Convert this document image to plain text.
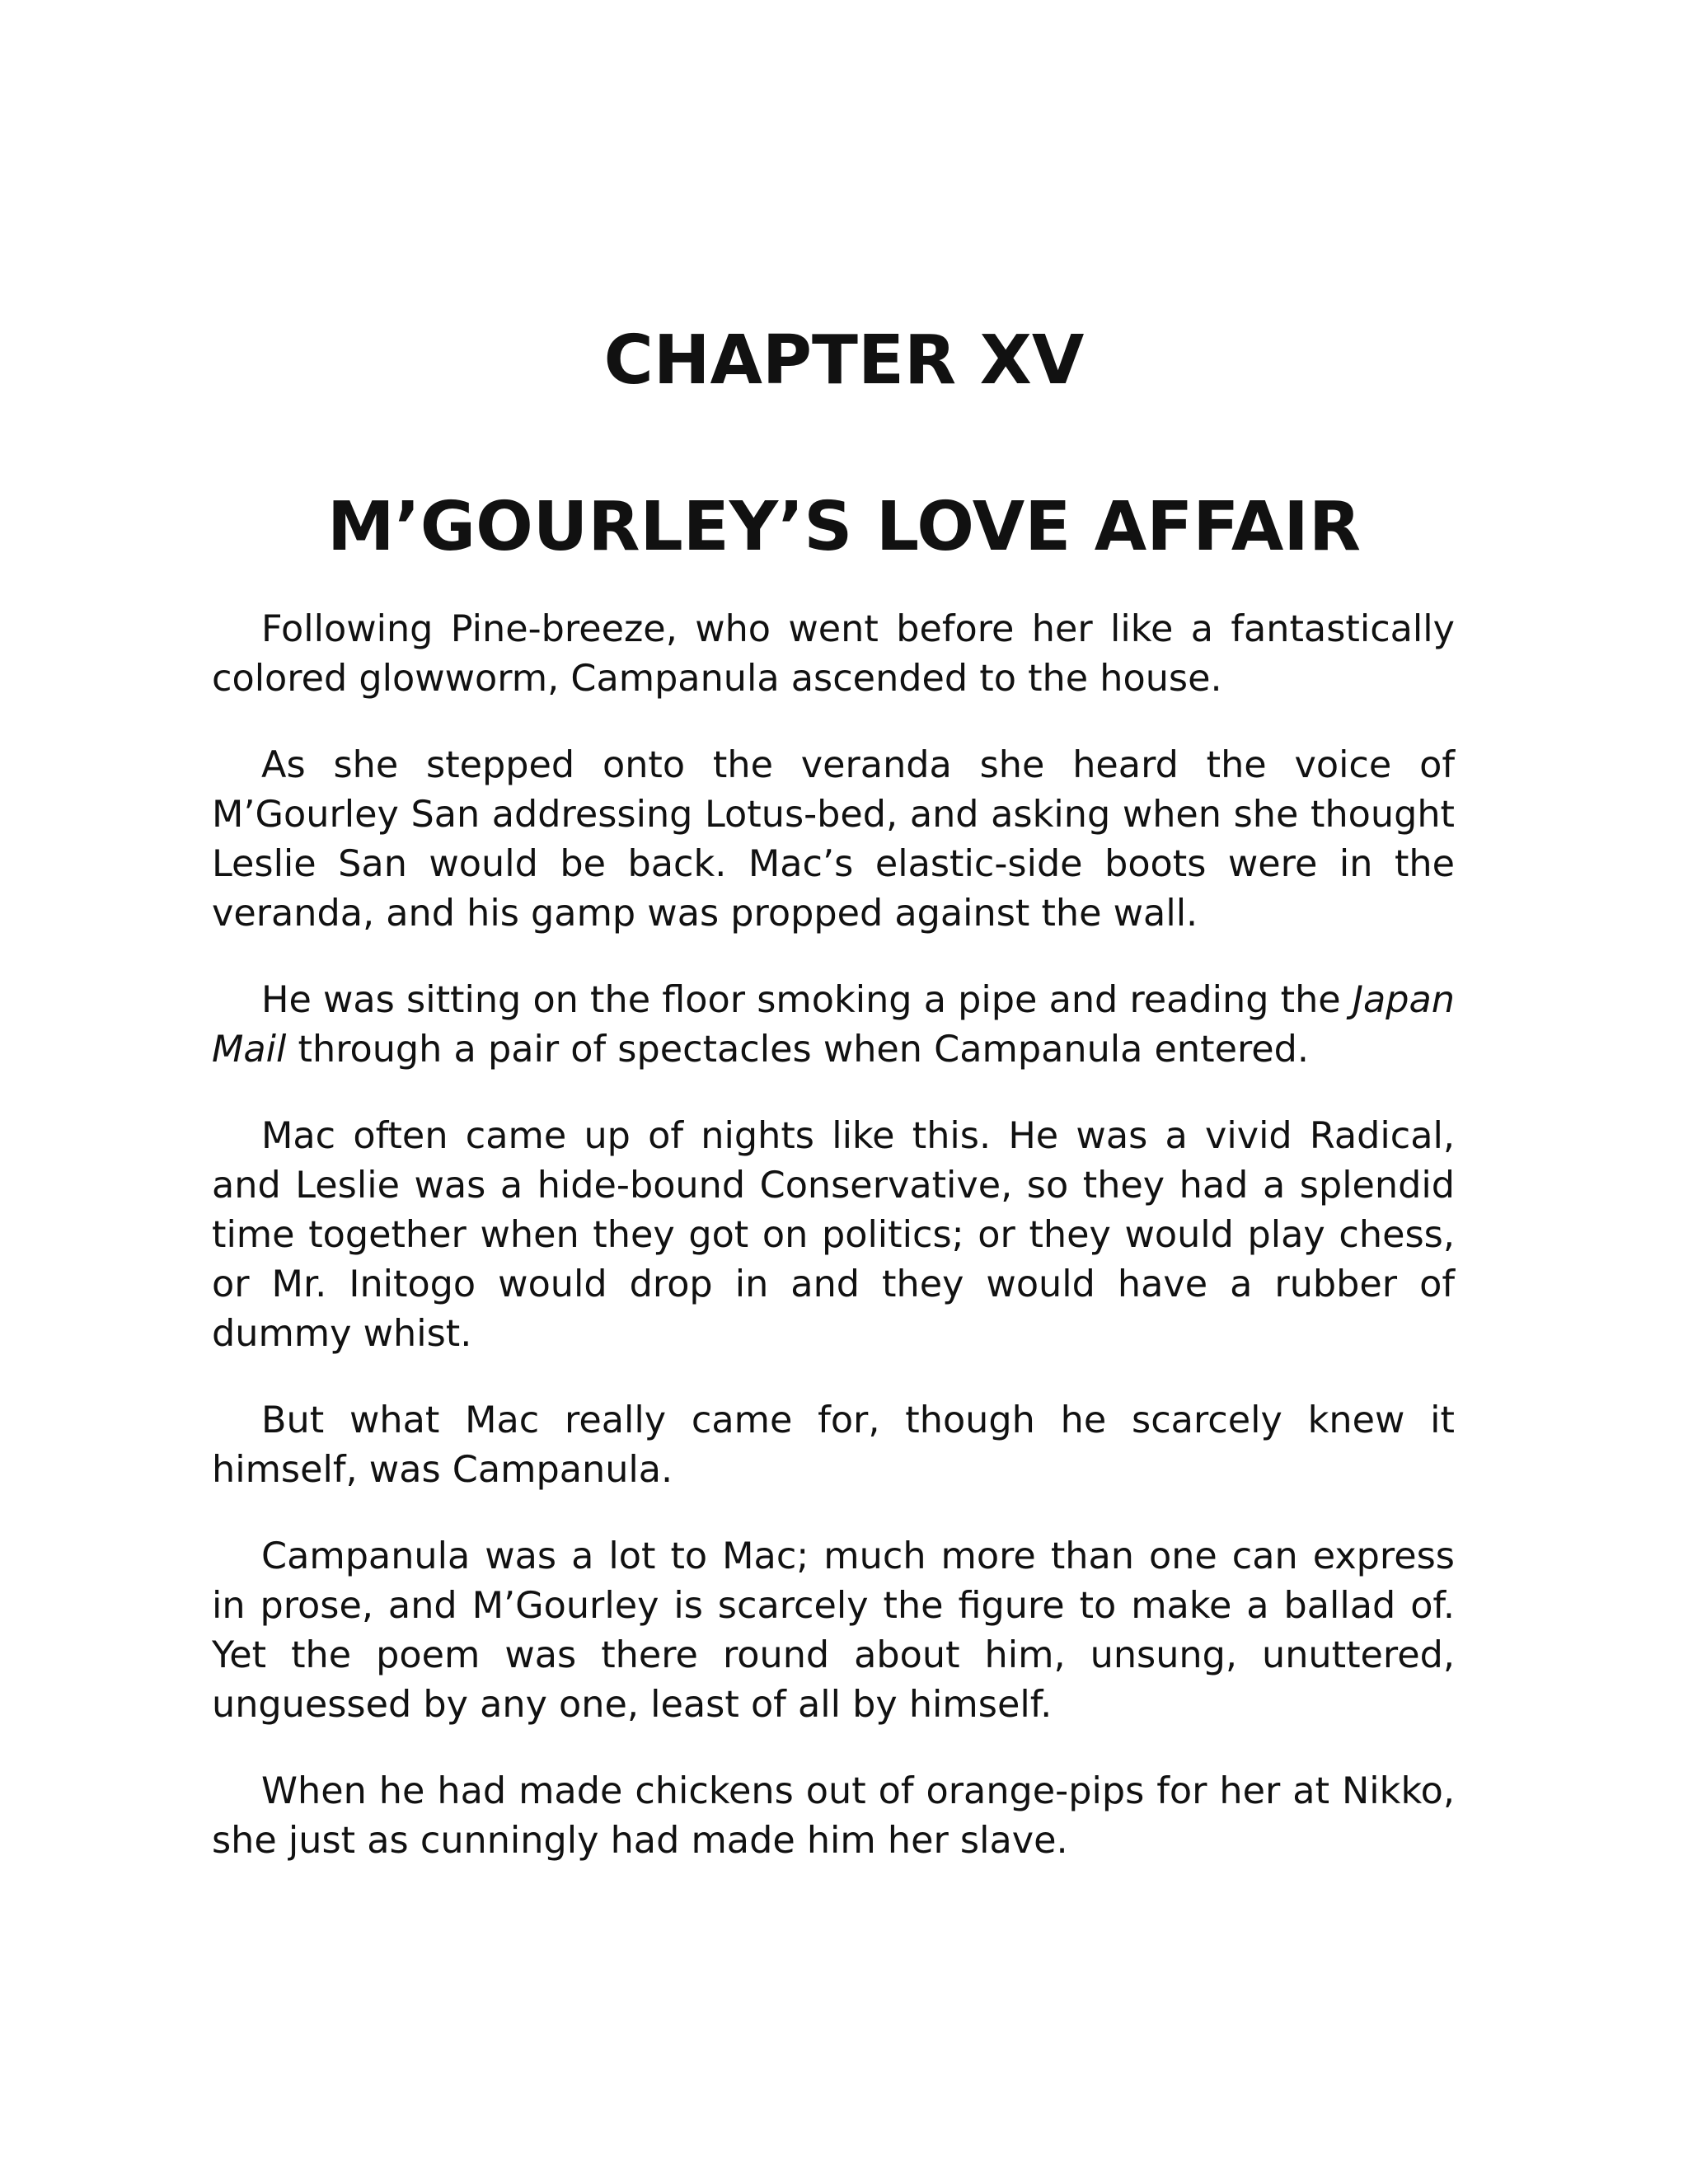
CHAPTER XV
M’GOURLEY’S LOVE AFFAIR

Following Pine-breeze, who went before her like a fantastically colored glowworm, Campanula ascended to the house.

As she stepped onto the veranda she heard the voice of M’Gourley San addressing Lotus-bed, and asking when she thought Leslie San would be back. Mac’s elastic-side boots were in the veranda, and his gamp was propped against the wall.

He was sitting on the floor smoking a pipe and reading the Japan Mail through a pair of spectacles when Campanula entered.

Mac often came up of nights like this. He was a vivid Radical, and Leslie was a hide-bound Conservative, so they had a splendid time together when they got on politics; or they would play chess, or Mr. Initogo would drop in and they would have a rubber of dummy whist.

But what Mac really came for, though he scarcely knew it himself, was Campanula.

Campanula was a lot to Mac; much more than one can express in prose, and M’Gourley is scarcely the figure to make a ballad of. Yet the poem was there round about him, unsung, unuttered, unguessed by any one, least of all by himself.

When he had made chickens out of orange-pips for her at Nikko, she just as cunningly had made him her slave.
